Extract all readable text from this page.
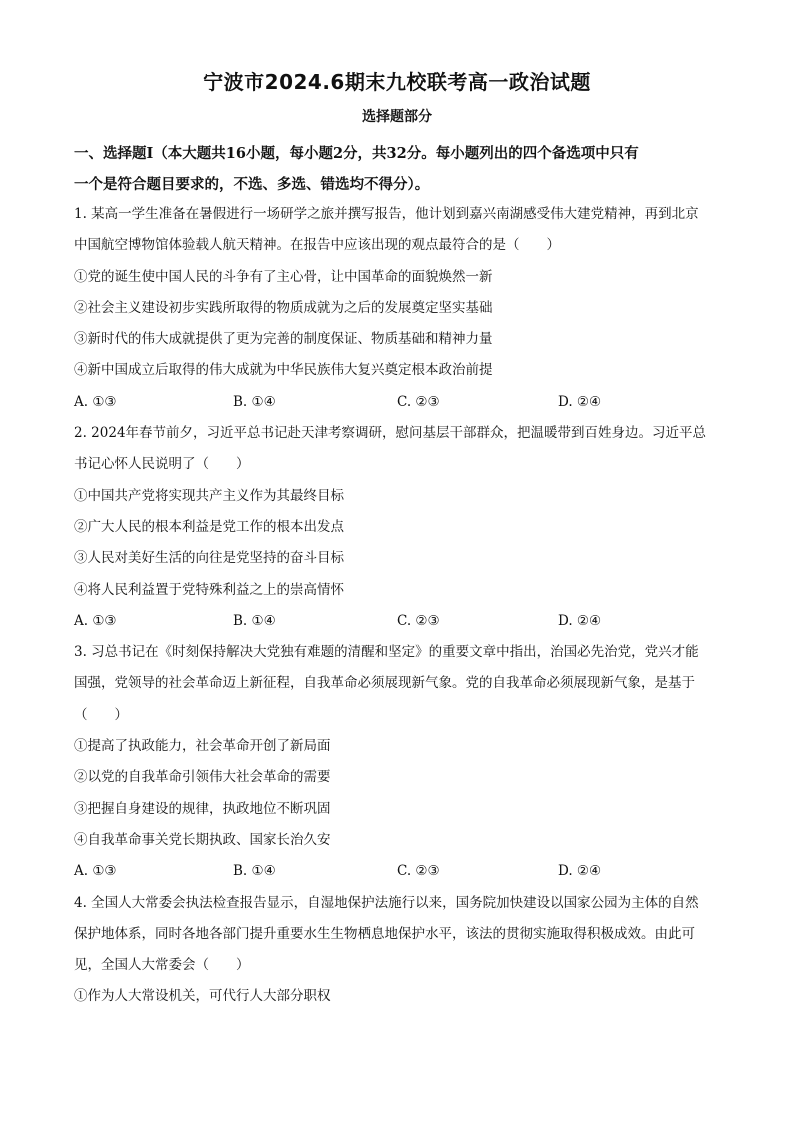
宁波市2024.6期末九校联考高一政治试题
选择题部分
一、选择题Ⅰ（本大题共16小题，每小题2分，共32分。每小题列出的四个备选项中只有
一个是符合题目要求的，不选、多选、错选均不得分）。
1. 某高一学生准备在暑假进行一场研学之旅并撰写报告，他计划到嘉兴南湖感受伟大建党精神，再到北京
中国航空博物馆体验载人航天精神。在报告中应该出现的观点最符合的是（　　）
①党的诞生使中国人民的斗争有了主心骨，让中国革命的面貌焕然一新
②社会主义建设初步实践所取得的物质成就为之后的发展奠定坚实基础
③新时代的伟大成就提供了更为完善的制度保证、物质基础和精神力量
④新中国成立后取得的伟大成就为中华民族伟大复兴奠定根本政治前提
A. ①③	B. ①④	C. ②③	D. ②④
2. 2024年春节前夕，习近平总书记赴天津考察调研，慰问基层干部群众，把温暖带到百姓身边。习近平总
书记心怀人民说明了（　　）
①中国共产党将实现共产主义作为其最终目标
②广大人民的根本利益是党工作的根本出发点
③人民对美好生活的向往是党坚持的奋斗目标
④将人民利益置于党特殊利益之上的崇高情怀
A. ①③	B. ①④	C. ②③	D. ②④
3. 习总书记在《时刻保持解决大党独有难题的清醒和坚定》的重要文章中指出，治国必先治党，党兴才能
国强，党领导的社会革命迈上新征程，自我革命必须展现新气象。党的自我革命必须展现新气象，是基于
（　　）
①提高了执政能力，社会革命开创了新局面
②以党的自我革命引领伟大社会革命的需要
③把握自身建设的规律，执政地位不断巩固
④自我革命事关党长期执政、国家长治久安
A. ①③	B. ①④	C. ②③	D. ②④
4. 全国人大常委会执法检查报告显示，自湿地保护法施行以来，国务院加快建设以国家公园为主体的自然
保护地体系，同时各地各部门提升重要水生生物栖息地保护水平，该法的贯彻实施取得积极成效。由此可
见，全国人大常委会（　　）
①作为人大常设机关，可代行人大部分职权
